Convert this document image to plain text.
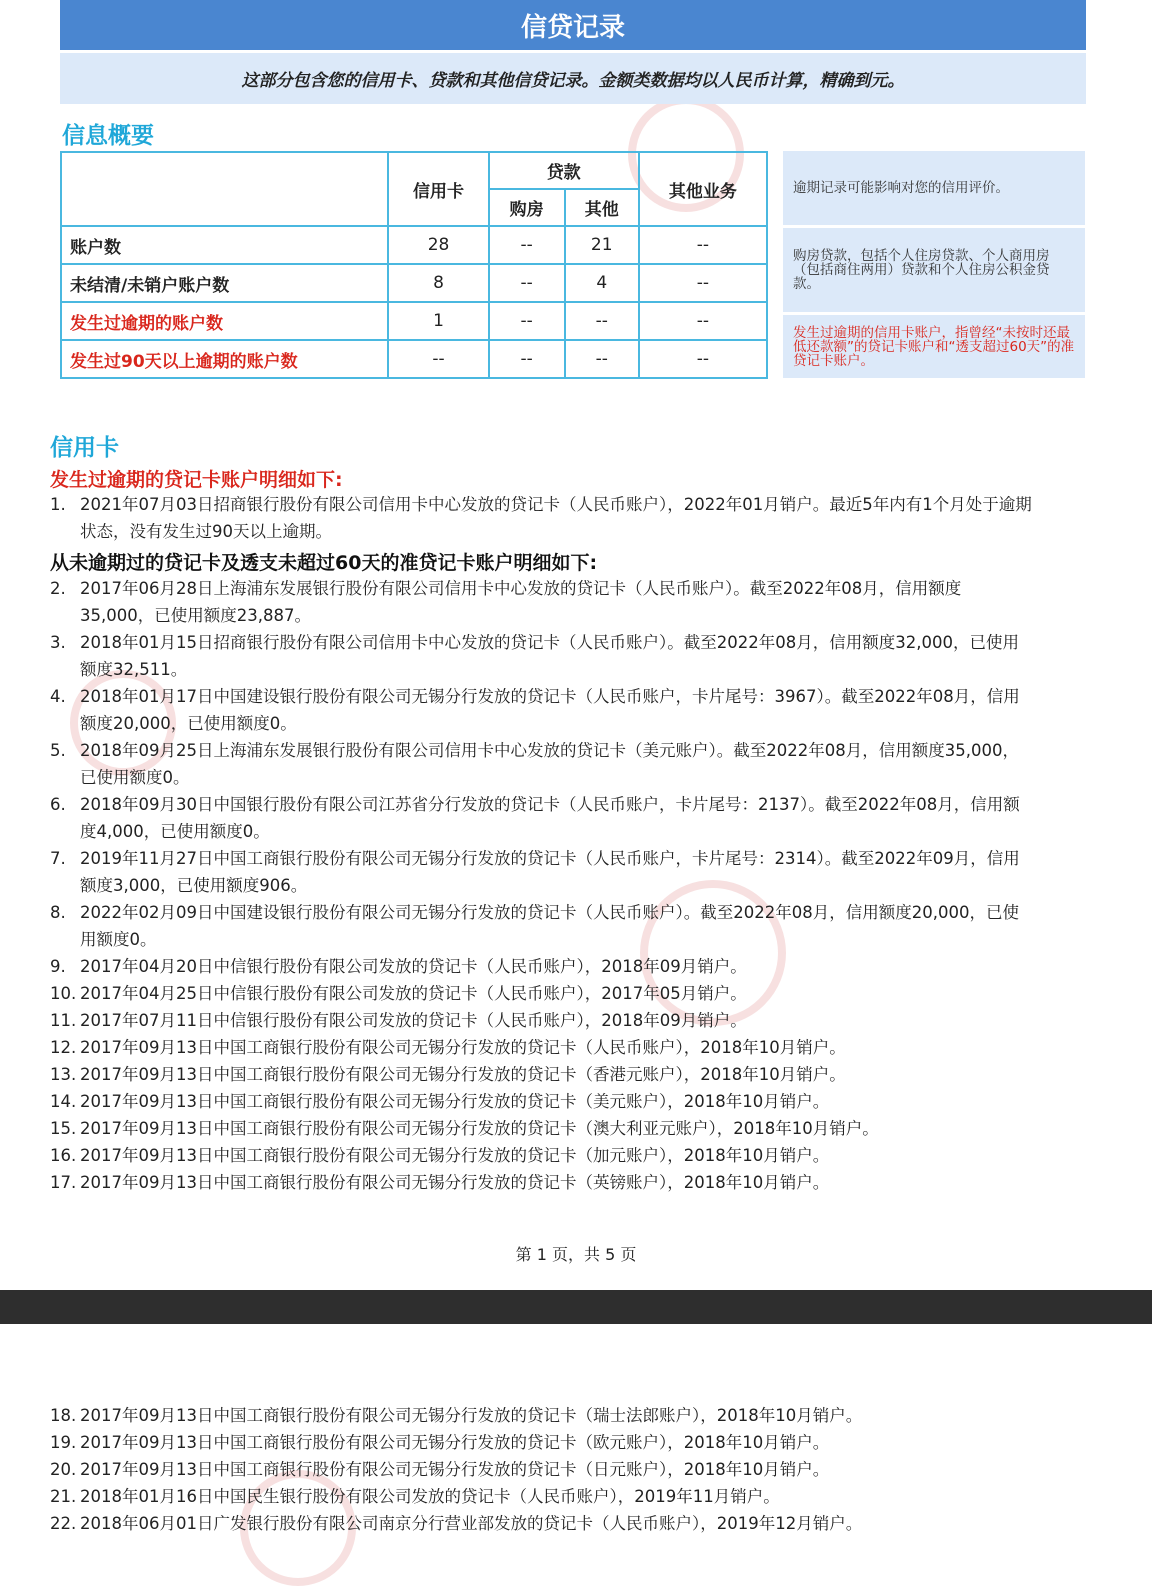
信贷记录
这部分包含您的信用卡、贷款和其他信贷记录。金额类数据均以人民币计算，精确到元。
信息概要
	信用卡	贷款		其他业务
		购房	其他	
账户数	28	--	21	--
未结清/未销户账户数	8	--	4	--
发生过逾期的账户数	1	--	--	--
发生过90天以上逾期的账户数	--	--	--	--
逾期记录可能影响对您的信用评价。
购房贷款，包括个人住房贷款、个人商用房（包括商住两用）贷款和个人住房公积金贷款。
发生过逾期的信用卡账户，指曾经“未按时还最低还款额”的贷记卡账户和“透支超过60天”的准贷记卡账户。
信用卡
发生过逾期的贷记卡账户明细如下:
1. 2021年07月03日招商银行股份有限公司信用卡中心发放的贷记卡（人民币账户），2022年01月销户。最近5年内有1个月处于逾期
状态，没有发生过90天以上逾期。
2. 2017年06月28日上海浦东发展银行股份有限公司信用卡中心发放的贷记卡（人民币账户）。截至2022年08月，信用额度
35,000，已使用额度23,887。
3. 2018年01月15日招商银行股份有限公司信用卡中心发放的贷记卡（人民币账户）。截至2022年08月，信用额度32,000，已使用
额度32,511。
4. 2018年01月17日中国建设银行股份有限公司无锡分行发放的贷记卡（人民币账户，卡片尾号：3967）。截至2022年08月，信用
额度20,000，已使用额度0。
5. 2018年09月25日上海浦东发展银行股份有限公司信用卡中心发放的贷记卡（美元账户）。截至2022年08月，信用额度35,000，
已使用额度0。
6. 2018年09月30日中国银行股份有限公司江苏省分行发放的贷记卡（人民币账户，卡片尾号：2137）。截至2022年08月，信用额
度4,000，已使用额度0。
7. 2019年11月27日中国工商银行股份有限公司无锡分行发放的贷记卡（人民币账户，卡片尾号：2314）。截至2022年09月，信用
额度3,000，已使用额度906。
8. 2022年02月09日中国建设银行股份有限公司无锡分行发放的贷记卡（人民币账户）。截至2022年08月，信用额度20,000，已使
用额度0。
9. 2017年04月20日中信银行股份有限公司发放的贷记卡（人民币账户），2018年09月销户。
10. 2017年04月25日中信银行股份有限公司发放的贷记卡（人民币账户），2017年05月销户。
11. 2017年07月11日中信银行股份有限公司发放的贷记卡（人民币账户），2018年09月销户。
12. 2017年09月13日中国工商银行股份有限公司无锡分行发放的贷记卡（人民币账户），2018年10月销户。
13. 2017年09月13日中国工商银行股份有限公司无锡分行发放的贷记卡（香港元账户），2018年10月销户。
14. 2017年09月13日中国工商银行股份有限公司无锡分行发放的贷记卡（美元账户），2018年10月销户。
15. 2017年09月13日中国工商银行股份有限公司无锡分行发放的贷记卡（澳大利亚元账户），2018年10月销户。
16. 2017年09月13日中国工商银行股份有限公司无锡分行发放的贷记卡（加元账户），2018年10月销户。
17. 2017年09月13日中国工商银行股份有限公司无锡分行发放的贷记卡（英镑账户），2018年10月销户。
18. 2017年09月13日中国工商银行股份有限公司无锡分行发放的贷记卡（瑞士法郎账户），2018年10月销户。
19. 2017年09月13日中国工商银行股份有限公司无锡分行发放的贷记卡（欧元账户），2018年10月销户。
20. 2017年09月13日中国工商银行股份有限公司无锡分行发放的贷记卡（日元账户），2018年10月销户。
21. 2018年01月16日中国民生银行股份有限公司发放的贷记卡（人民币账户），2019年11月销户。
22. 2018年06月01日广发银行股份有限公司南京分行营业部发放的贷记卡（人民币账户），2019年12月销户。
从未逾期过的贷记卡及透支未超过60天的准贷记卡账户明细如下:
第 1 页，共 5 页
